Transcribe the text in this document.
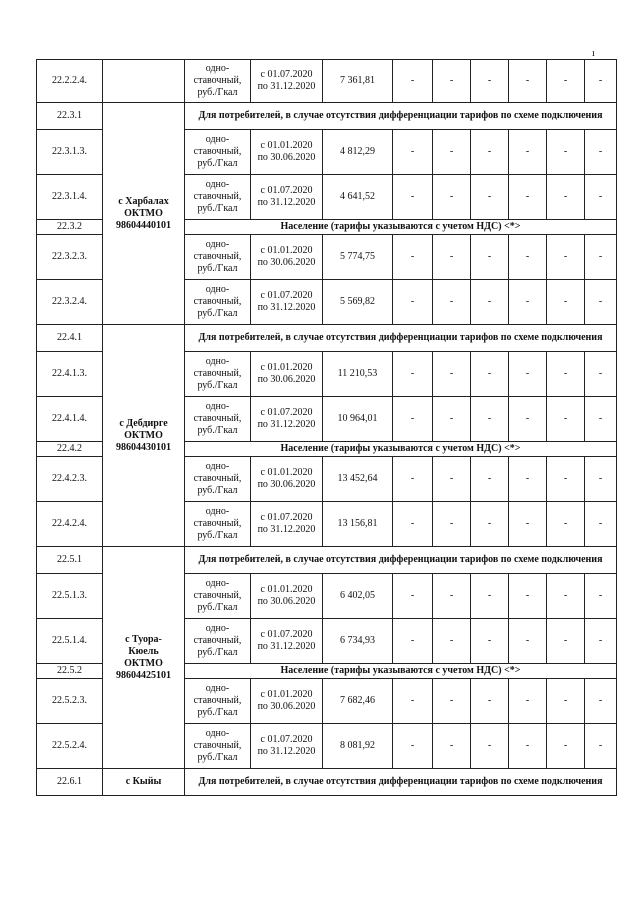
ı
22.2.2.4.		одно-
ставочный,
руб./Гкал	с 01.07.2020
по 31.12.2020	7 361,81	-	-	-	-	-	-
22.3.1	с Харбалах
ОКТМО
98604440101	Для потребителей, в случае отсутствия дифференциации тарифов по схеме подключения								
22.3.1.3.		одно-
ставочный,
руб./Гкал	с 01.01.2020
по 30.06.2020	4 812,29	-	-	-	-	-	-
22.3.1.4.		одно-
ставочный,
руб./Гкал	с 01.07.2020
по 31.12.2020	4 641,52	-	-	-	-	-	-
22.3.2		Население (тарифы указываются с учетом НДС) <*>								
22.3.2.3.		одно-
ставочный,
руб./Гкал	с 01.01.2020
по 30.06.2020	5 774,75	-	-	-	-	-	-
22.3.2.4.		одно-
ставочный,
руб./Гкал	с 01.07.2020
по 31.12.2020	5 569,82	-	-	-	-	-	-
22.4.1	с Дебдирге
ОКТМО
98604430101	Для потребителей, в случае отсутствия дифференциации тарифов по схеме подключения								
22.4.1.3.		одно-
ставочный,
руб./Гкал	с 01.01.2020
по 30.06.2020	11 210,53	-	-	-	-	-	-
22.4.1.4.		одно-
ставочный,
руб./Гкал	с 01.07.2020
по 31.12.2020	10 964,01	-	-	-	-	-	-
22.4.2		Население (тарифы указываются с учетом НДС) <*>								
22.4.2.3.		одно-
ставочный,
руб./Гкал	с 01.01.2020
по 30.06.2020	13 452,64	-	-	-	-	-	-
22.4.2.4.		одно-
ставочный,
руб./Гкал	с 01.07.2020
по 31.12.2020	13 156,81	-	-	-	-	-	-
22.5.1	с Туора-
Кюель
ОКТМО
98604425101	Для потребителей, в случае отсутствия дифференциации тарифов по схеме подключения								
22.5.1.3.		одно-
ставочный,
руб./Гкал	с 01.01.2020
по 30.06.2020	6 402,05	-	-	-	-	-	-
22.5.1.4.		одно-
ставочный,
руб./Гкал	с 01.07.2020
по 31.12.2020	6 734,93	-	-	-	-	-	-
22.5.2		Население (тарифы указываются с учетом НДС) <*>								
22.5.2.3.		одно-
ставочный,
руб./Гкал	с 01.01.2020
по 30.06.2020	7 682,46	-	-	-	-	-	-
22.5.2.4.		одно-
ставочный,
руб./Гкал	с 01.07.2020
по 31.12.2020	8 081,92	-	-	-	-	-	-
22.6.1	с Кыйы	Для потребителей, в случае отсутствия дифференциации тарифов по схеме подключения								
